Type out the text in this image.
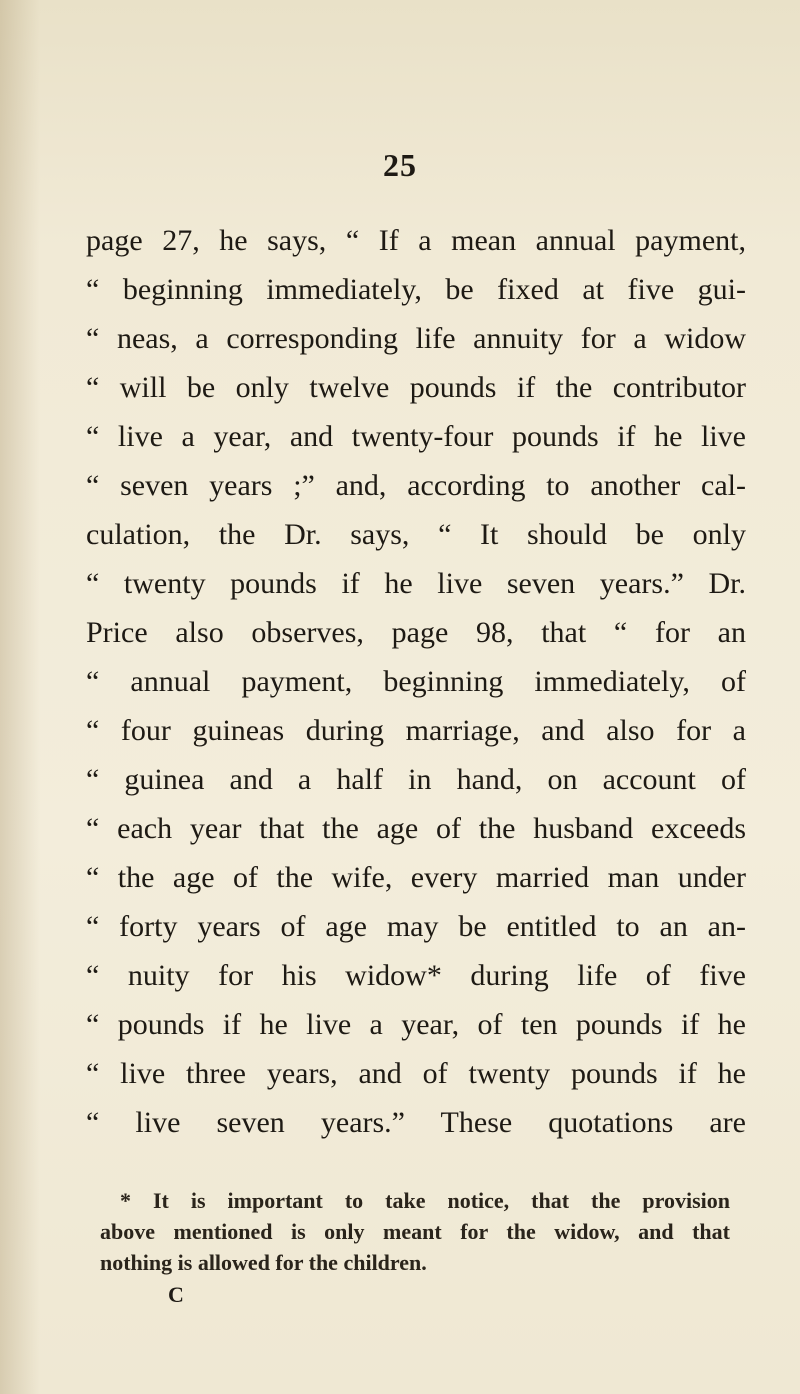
25
page 27, he says, “ If a mean annual payment,
“ beginning immediately, be fixed at five gui-
“ neas, a corresponding life annuity for a widow
“ will be only twelve pounds if the contributor
“ live a year, and twenty-four pounds if he live
“ seven years ;” and, according to another cal-
culation, the Dr. says, “ It should be only
“ twenty pounds if he live seven years.” Dr.
Price also observes, page 98, that “ for an
“ annual payment, beginning immediately, of
“ four guineas during marriage, and also for a
“ guinea and a half in hand, on account of
“ each year that the age of the husband exceeds
“ the age of the wife, every married man under
“ forty years of age may be entitled to an an-
“ nuity for his widow* during life of five
“ pounds if he live a year, of ten pounds if he
“ live three years, and of twenty pounds if he
“ live seven years.” These quotations are
* It is important to take notice, that the provision
above mentioned is only meant for the widow, and that
nothing is allowed for the children.
C
